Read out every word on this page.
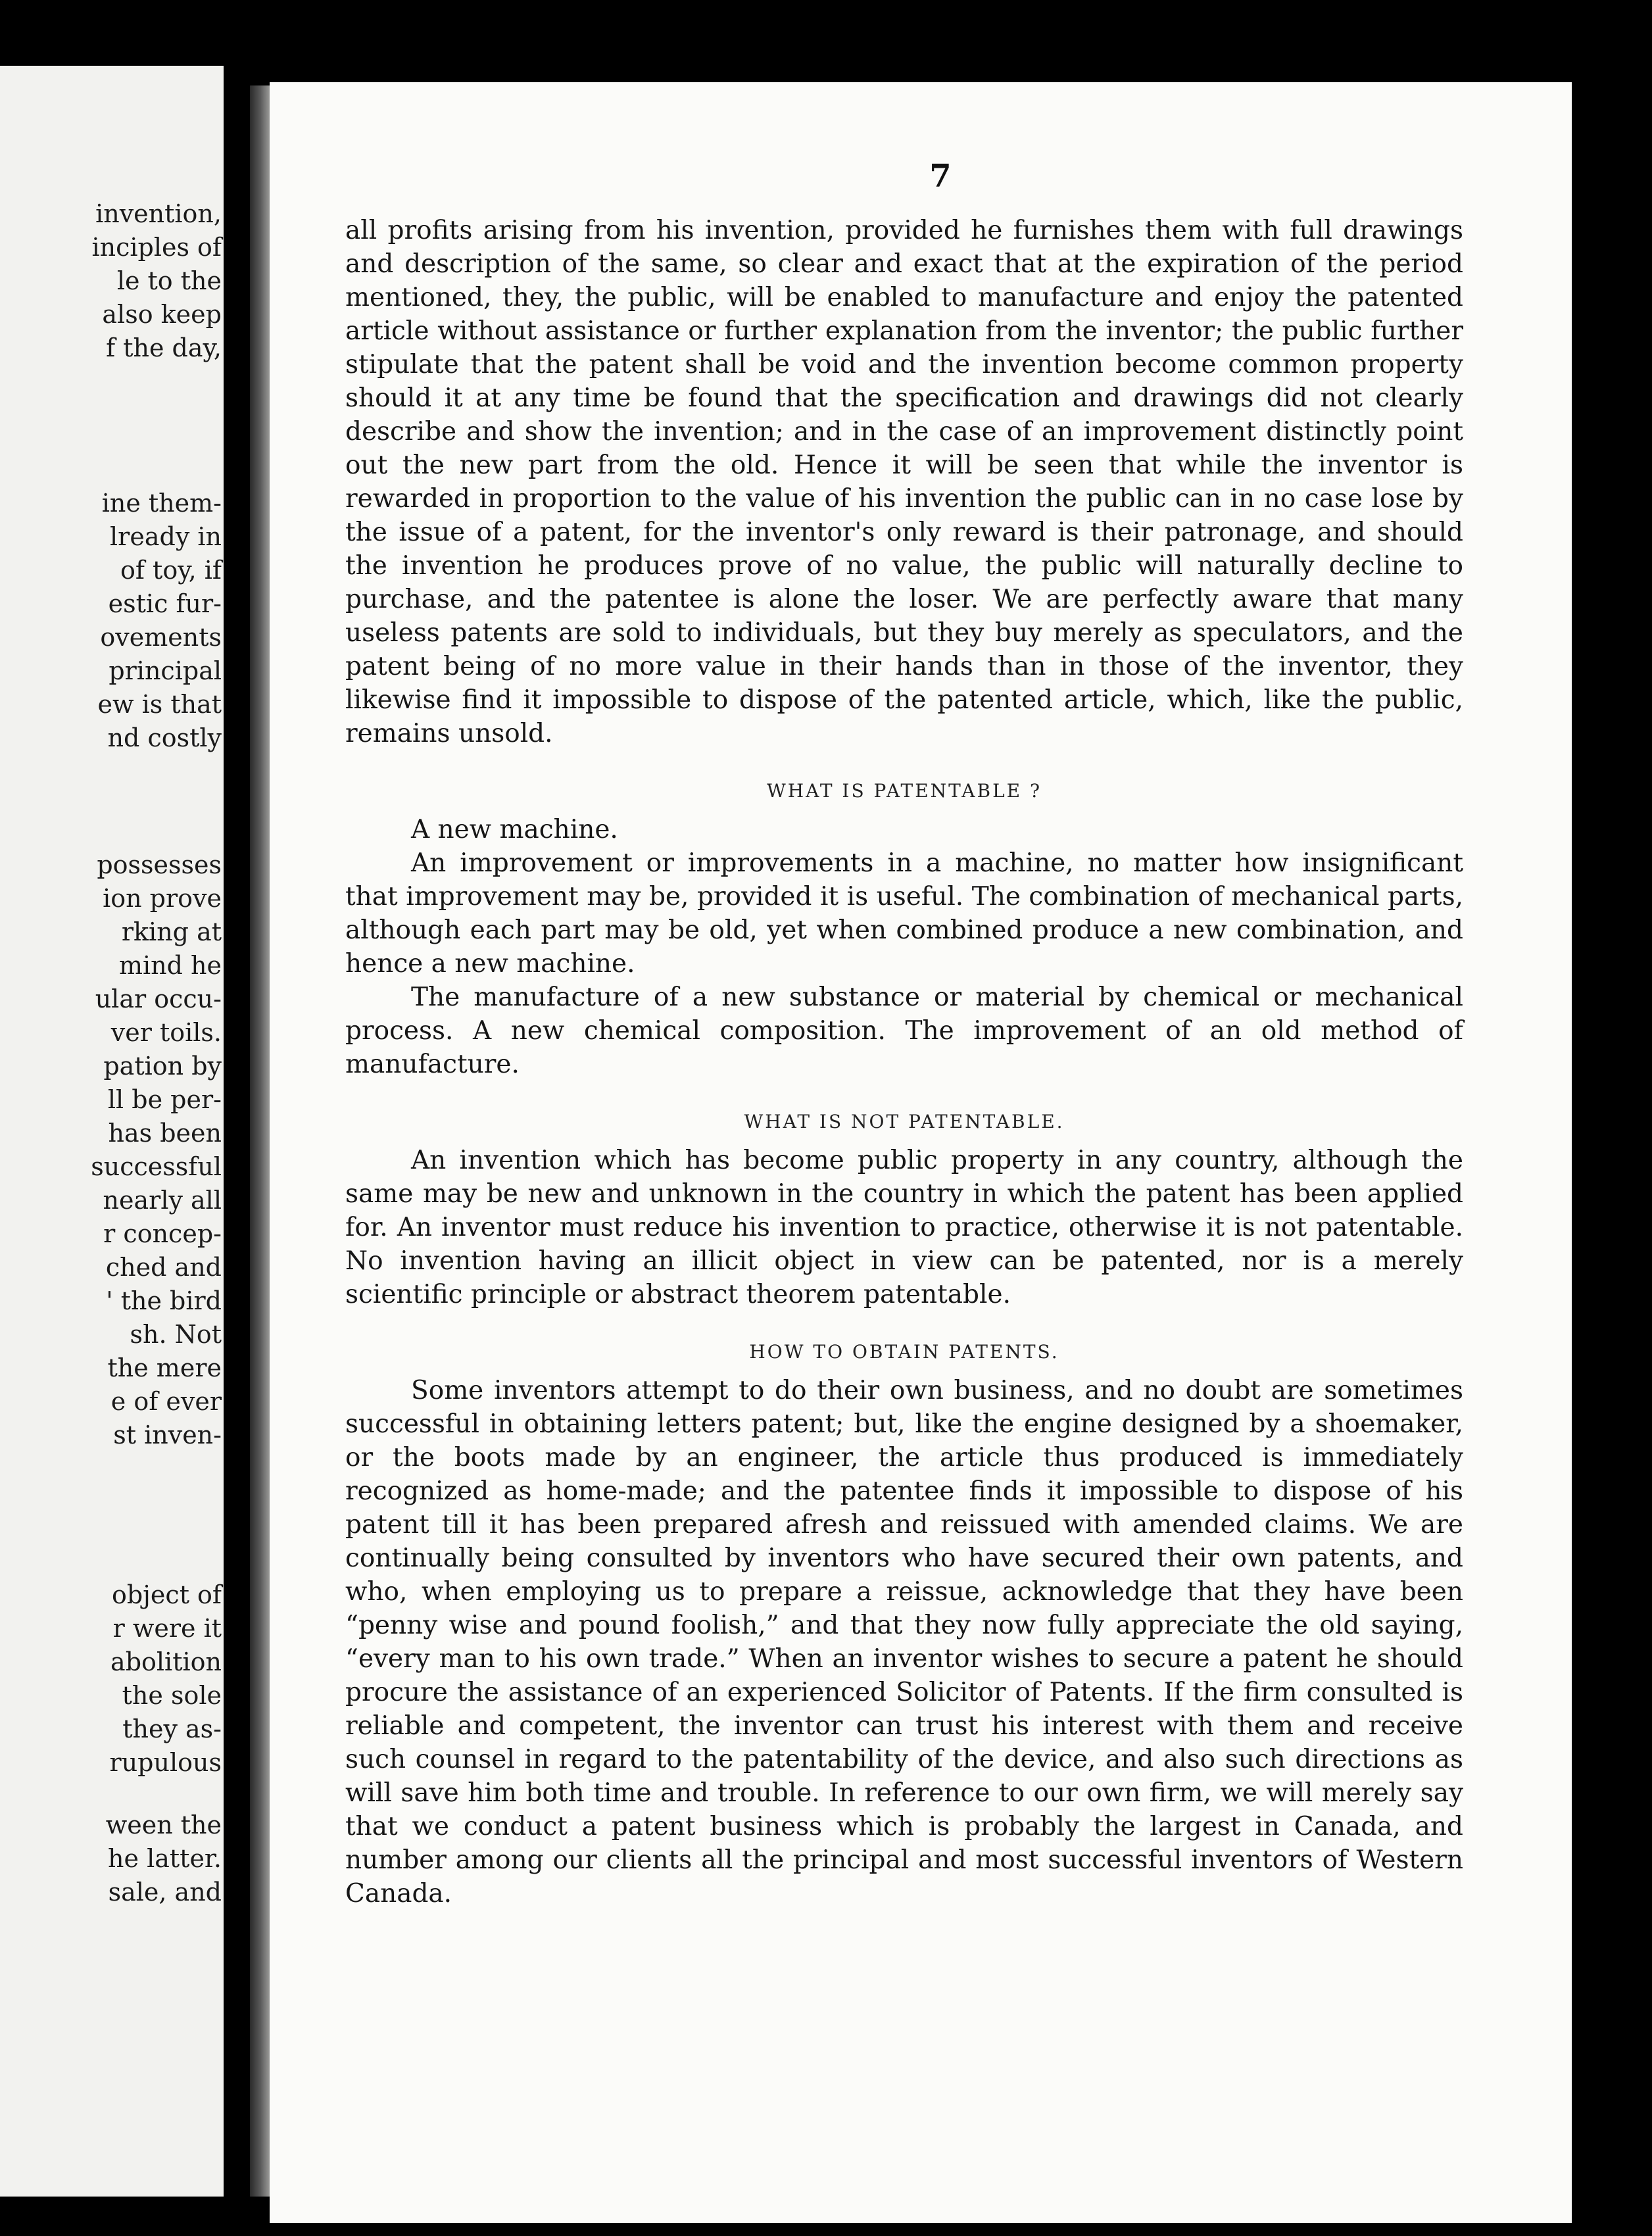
invention,
inciples of
le to the
also keep
f the day,
ine them-
lready in
of toy, if
estic fur-
ovements
principal
ew is that
nd costly
possesses
ion prove
rking at
mind he
ular occu-
ver toils.
pation by
ll be per-
has been
successful
nearly all
r concep-
ched and
' the bird
sh. Not
the mere
e of ever
st inven-
object of
r were it
abolition
the sole
they as-
rupulous
ween the
he latter.
sale, and
7

all profits arising from his invention, provided he furnishes them with full drawings and description of the same, so clear and exact that at the expiration of the period mentioned, they, the public, will be enabled to manufacture and enjoy the patented article without assistance or further explanation from the inventor; the public further stipulate that the patent shall be void and the invention become common property should it at any time be found that the specification and drawings did not clearly describe and show the invention; and in the case of an improvement distinctly point out the new part from the old. Hence it will be seen that while the inventor is rewarded in proportion to the value of his invention the public can in no case lose by the issue of a patent, for the inventor's only reward is their patronage, and should the invention he produces prove of no value, the public will naturally decline to purchase, and the patentee is alone the loser. We are perfectly aware that many useless patents are sold to individuals, but they buy merely as speculators, and the patent being of no more value in their hands than in those of the inventor, they likewise find it impossible to dispose of the patented article, which, like the public, remains unsold.

WHAT IS PATENTABLE ?

A new machine.

An improvement or improvements in a machine, no matter how insignificant that improvement may be, provided it is useful. The combination of mechanical parts, although each part may be old, yet when combined produce a new combination, and hence a new machine.

The manufacture of a new substance or material by chemical or mechanical process. A new chemical composition. The improvement of an old method of manufacture.

WHAT IS NOT PATENTABLE.

An invention which has become public property in any country, although the same may be new and unknown in the country in which the patent has been applied for. An inventor must reduce his invention to practice, otherwise it is not patentable. No invention having an illicit object in view can be patented, nor is a merely scientific principle or abstract theorem patentable.

HOW TO OBTAIN PATENTS.

Some inventors attempt to do their own business, and no doubt are sometimes successful in obtaining letters patent; but, like the engine designed by a shoemaker, or the boots made by an engineer, the article thus produced is immediately recognized as home-made; and the patentee finds it impossible to dispose of his patent till it has been prepared afresh and reissued with amended claims. We are continually being consulted by inventors who have secured their own patents, and who, when employing us to prepare a reissue, acknowledge that they have been “penny wise and pound foolish,” and that they now fully appreciate the old saying, “every man to his own trade.” When an inventor wishes to secure a patent he should procure the assistance of an experienced Solicitor of Patents. If the firm consulted is reliable and competent, the inventor can trust his interest with them and receive such counsel in regard to the patentability of the device, and also such directions as will save him both time and trouble. In reference to our own firm, we will merely say that we conduct a patent business which is probably the largest in Canada, and number among our clients all the principal and most successful inventors of Western Canada.
